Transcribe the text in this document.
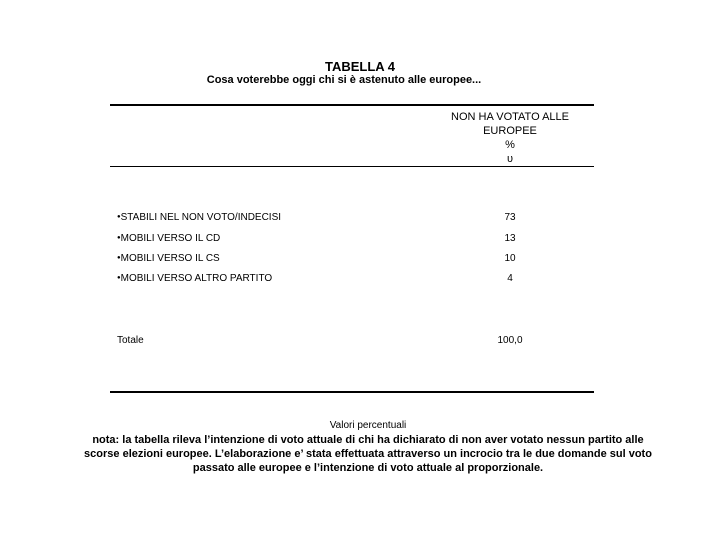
TABELLA 4
Cosa voterebbe oggi chi si è astenuto alle europee...
NON HA VOTATO ALLE
EUROPEE
%
υ
●STABILI NEL NON VOTO/INDECISI	73
●MOBILI VERSO IL CD	13
●MOBILI VERSO IL CS	10
●MOBILI VERSO ALTRO PARTITO	4
Totale	100,0
Valori percentuali
nota: la tabella rileva l’intenzione di voto attuale di chi ha dichiarato di non aver votato nessun partito alle scorse elezioni europee. L’elaborazione e’ stata effettuata attraverso un incrocio tra le due domande sul voto passato alle europee e l’intenzione di voto attuale al proporzionale.
